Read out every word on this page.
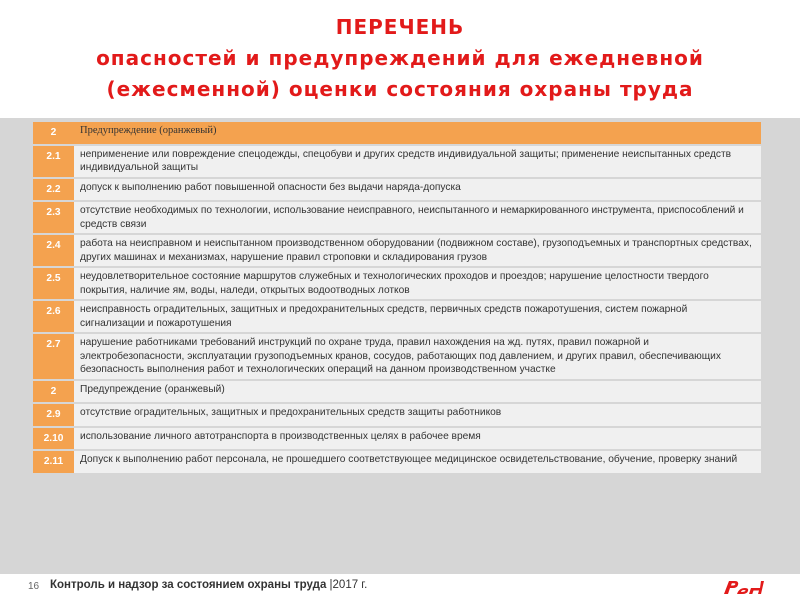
ПЕРЕЧЕНЬ
опасностей и предупреждений для ежедневной
(ежесменной) оценки состояния охраны труда
2	Предупреждение (оранжевый)
2.1	неприменение или повреждение спецодежды, спецобуви и других средств индивидуальной защиты; применение неиспытанных средств индивидуальной защиты
2.2	допуск к выполнению работ повышенной опасности без выдачи наряда-допуска
2.3	отсутствие необходимых по технологии, использование неисправного, неиспытанного и немаркированного инструмента, приспособлений и средств связи
2.4	работа на неисправном и неиспытанном производственном оборудовании (подвижном составе), грузоподъемных и транспортных средствах, других машинах и механизмах, нарушение правил строповки и складирования грузов
2.5	неудовлетворительное состояние маршрутов служебных и технологических проходов и проездов; нарушение целостности твердого покрытия, наличие ям, воды, наледи, открытых водоотводных лотков
2.6	неисправность оградительных, защитных и предохранительных средств, первичных средств пожаротушения, систем пожарной сигнализации и пожаротушения
2.7	нарушение работниками требований инструкций по охране труда, правил нахождения на жд. путях, правил пожарной и электробезопасности, эксплуатации грузоподъемных кранов, сосудов, работающих под давлением, и других правил, обеспечивающих безопасность выполнения работ и технологических операций на данном производственном участке
2	Предупреждение (оранжевый)
2.9	отсутствие оградительных, защитных и предохранительных средств защиты работников
2.10	использование личного автотранспорта в производственных целях в рабочее время
2.11	Допуск к выполнению работ персонала, не прошедшего соответствующее медицинское освидетельствование, обучение, проверку знаний
16 Контроль и надзор за состоянием охраны труда |2017 г.
